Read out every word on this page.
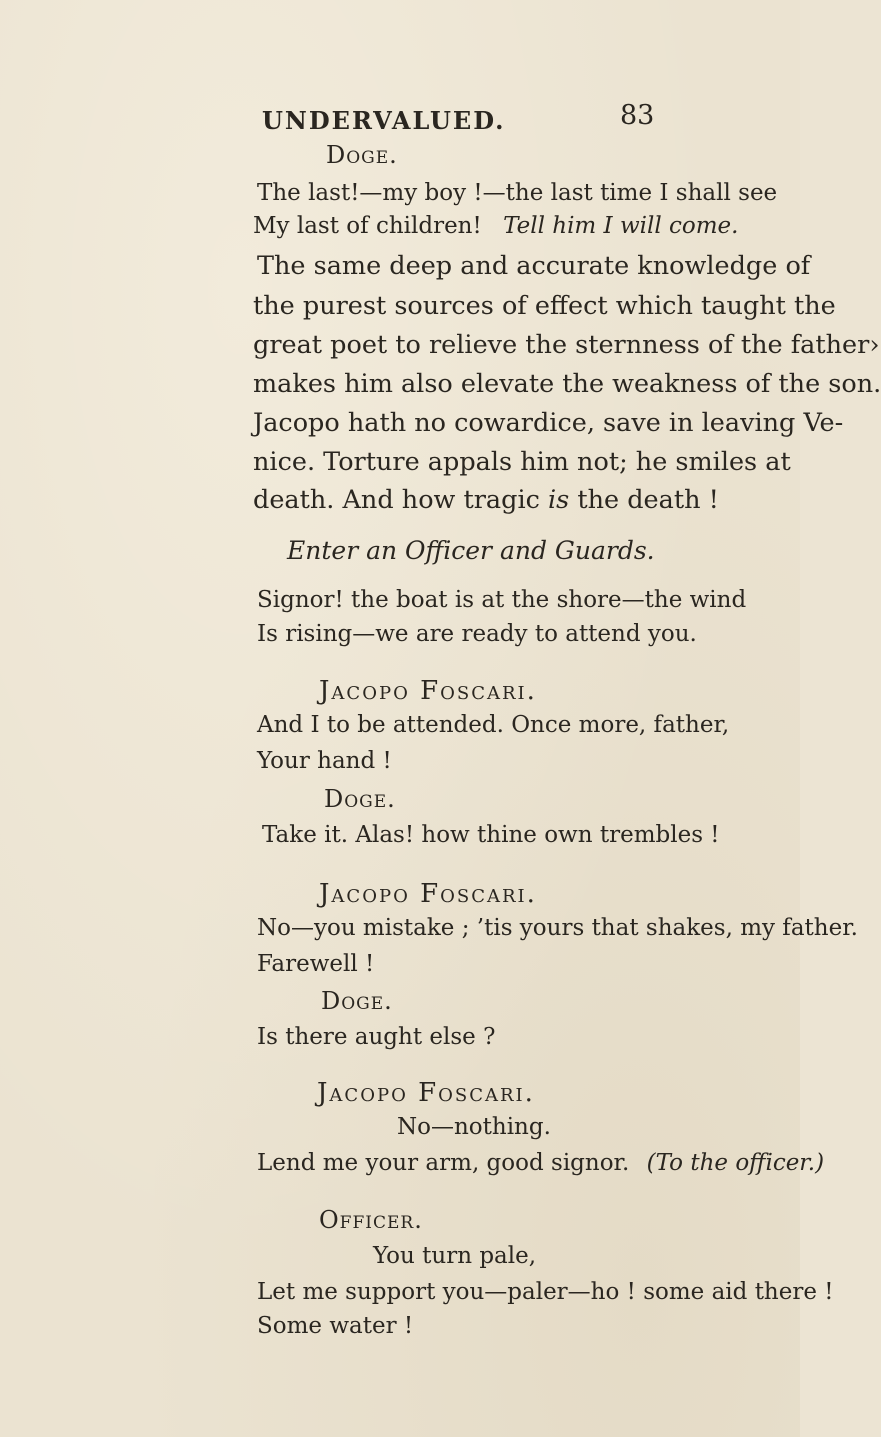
UNDERVALUED.	83
Doge.
The last!—my boy !—the last time I shall see
My last of children! Tell him I will come.
The same deep and accurate knowledge of
the purest sources of effect which taught the
great poet to relieve the sternness of the father›
makes him also elevate the weakness of the son.
Jacopo hath no cowardice, save in leaving Ve-
nice. Torture appals him not; he smiles at
death. And how tragic is the death !
Enter an Officer and Guards.
Signor! the boat is at the shore—the wind
Is rising—we are ready to attend you.
Jacopo Foscari.
And I to be attended. Once more, father,
Your hand !
Doge.
Take it. Alas! how thine own trembles !
Jacopo Foscari.
No—you mistake ; ’tis yours that shakes, my father.
Farewell !
Doge.
Is there aught else ?
Jacopo Foscari.
No—nothing.
Lend me your arm, good signor. (To the officer.)
Officer.
You turn pale,
Let me support you—paler—ho ! some aid there !
Some water !
